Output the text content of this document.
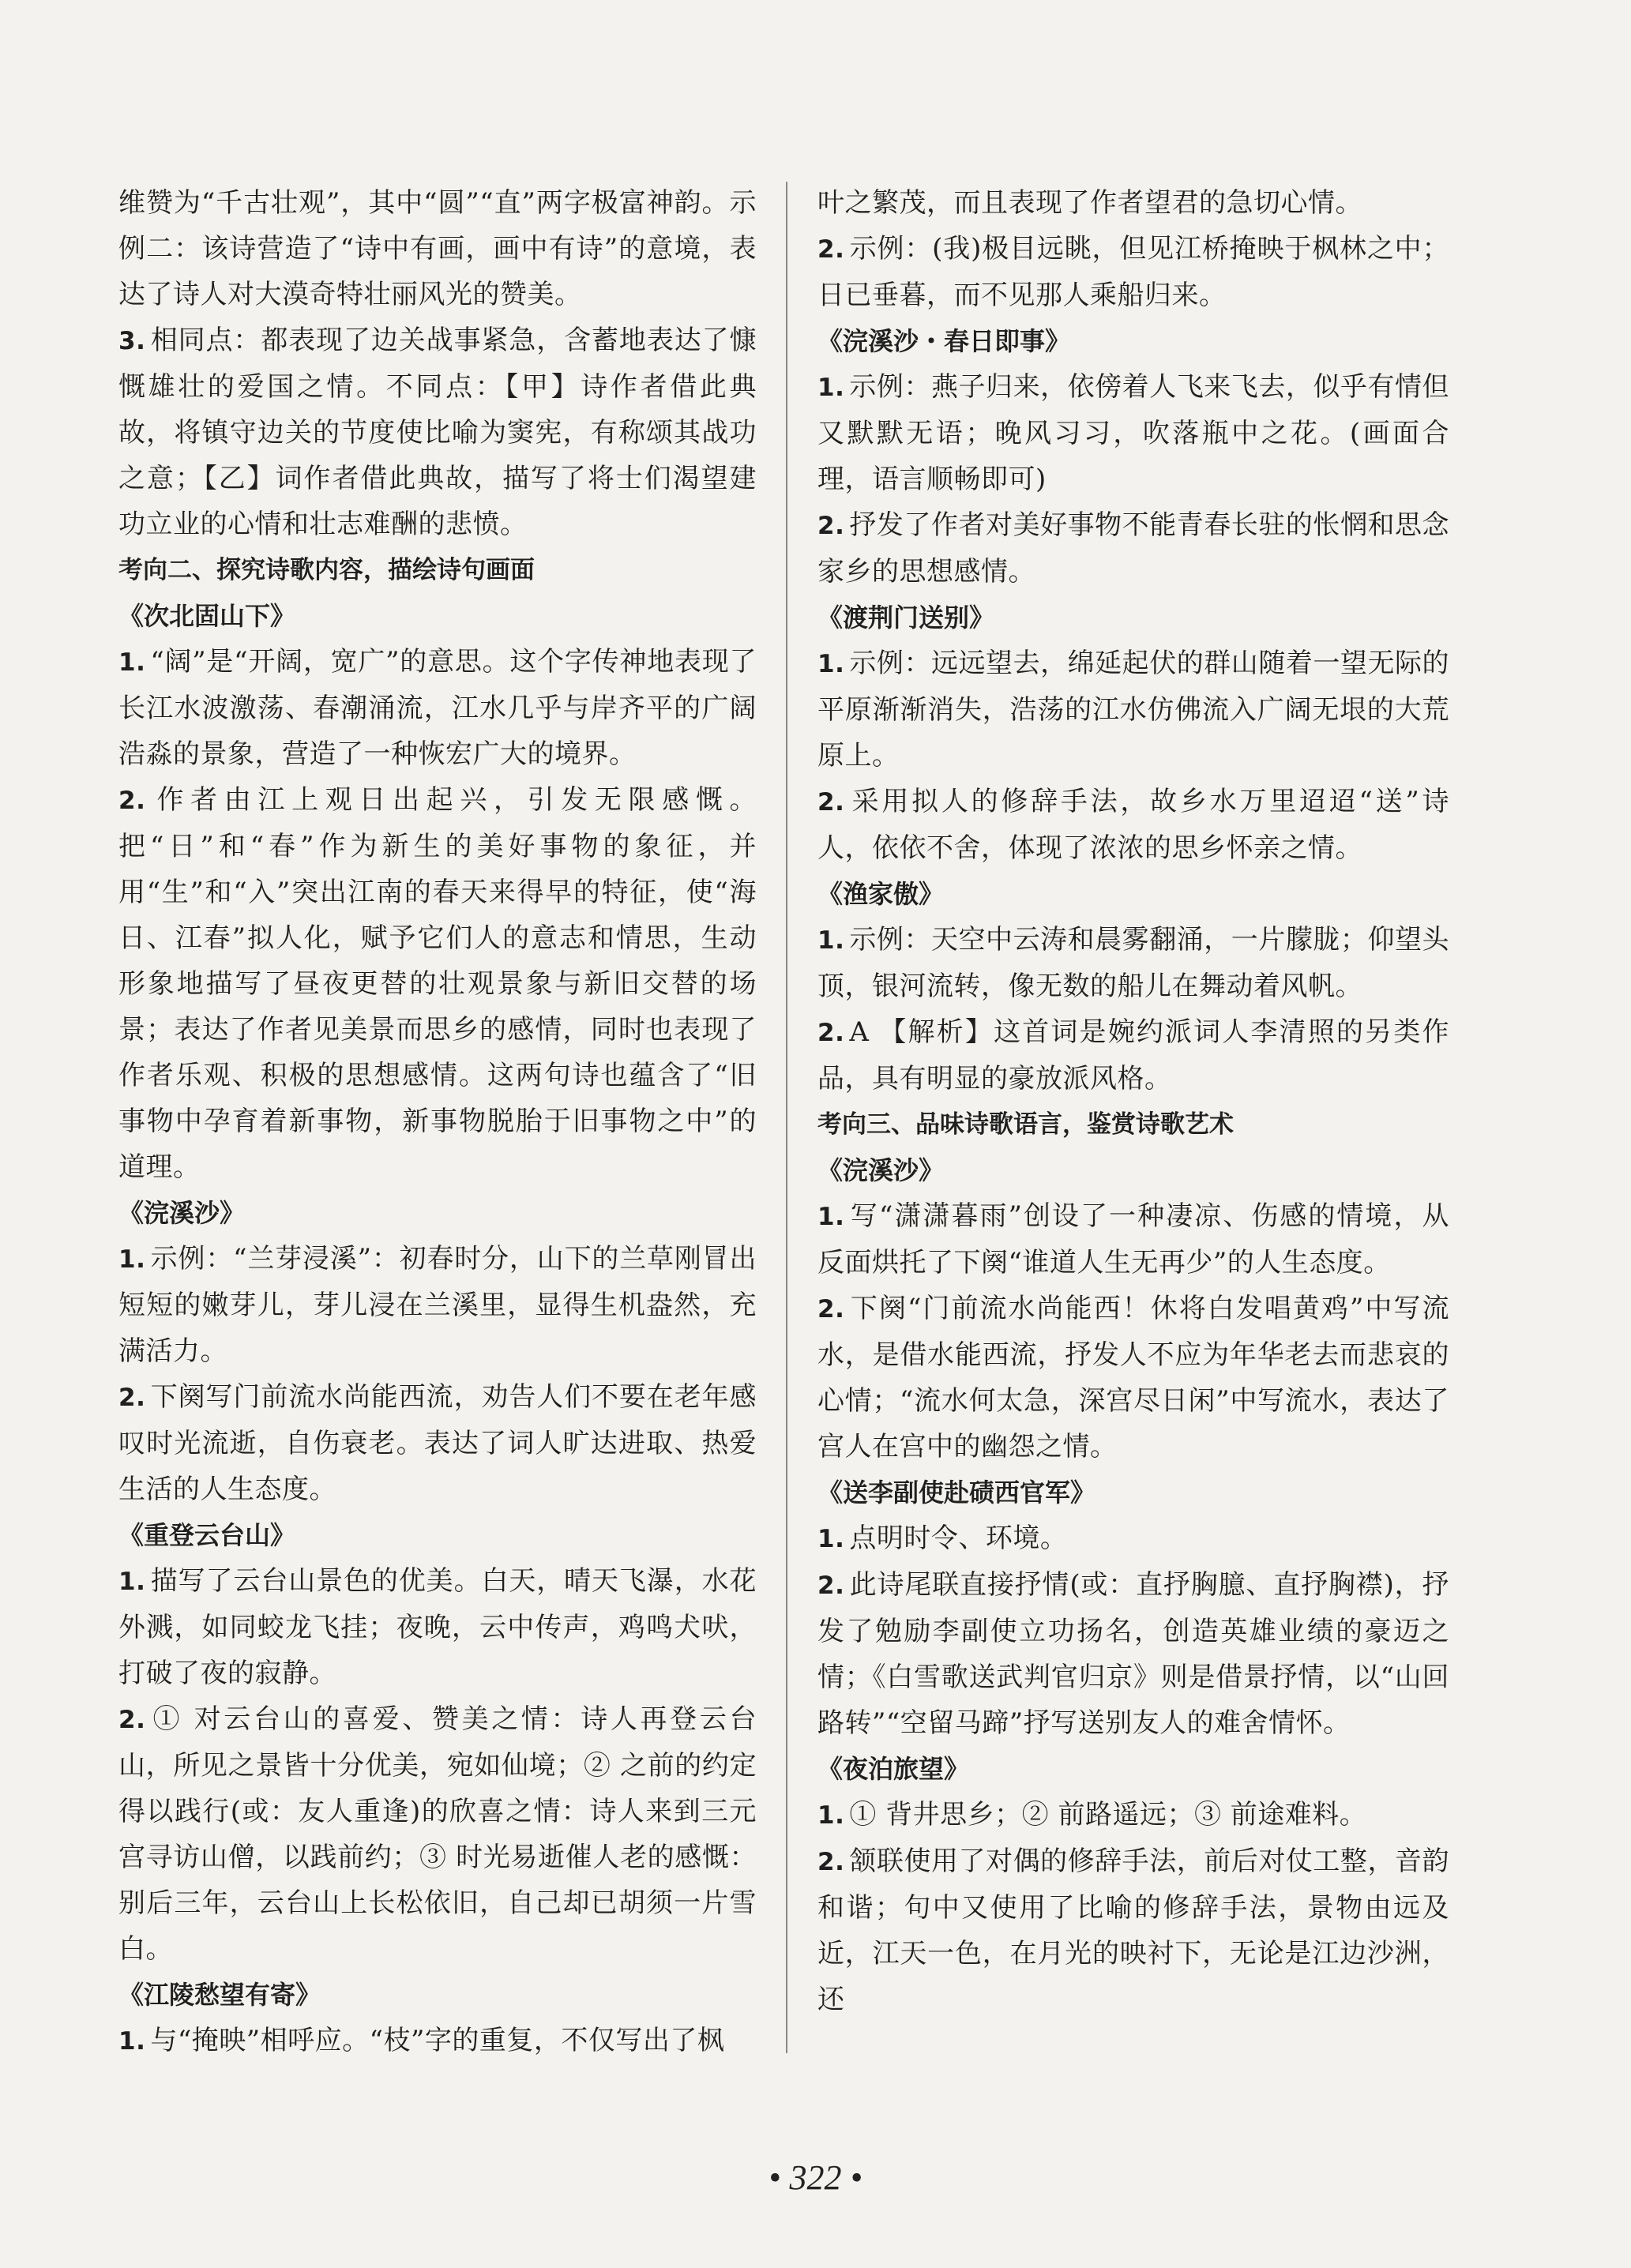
维赞为“千古壮观”，其中“圆”“直”两字极富神韵。示例二：该诗营造了“诗中有画，画中有诗”的意境，表达了诗人对大漠奇特壮丽风光的赞美。

3. 相同点：都表现了边关战事紧急，含蓄地表达了慷慨雄壮的爱国之情。不同点：【甲】诗作者借此典故，将镇守边关的节度使比喻为窦宪，有称颂其战功之意；【乙】词作者借此典故，描写了将士们渴望建功立业的心情和壮志难酬的悲愤。

考向二、探究诗歌内容，描绘诗句画面

《次北固山下》

1. “阔”是“开阔，宽广”的意思。这个字传神地表现了长江水波激荡、春潮涌流，江水几乎与岸齐平的广阔浩淼的景象，营造了一种恢宏广大的境界。

2. 作者由江上观日出起兴，引发无限感慨。把“日”和“春”作为新生的美好事物的象征，并用“生”和“入”突出江南的春天来得早的特征，使“海日、江春”拟人化，赋予它们人的意志和情思，生动形象地描写了昼夜更替的壮观景象与新旧交替的场景；表达了作者见美景而思乡的感情，同时也表现了作者乐观、积极的思想感情。这两句诗也蕴含了“旧事物中孕育着新事物，新事物脱胎于旧事物之中”的道理。

《浣溪沙》

1. 示例：“兰芽浸溪”：初春时分，山下的兰草刚冒出短短的嫩芽儿，芽儿浸在兰溪里，显得生机盎然，充满活力。

2. 下阕写门前流水尚能西流，劝告人们不要在老年感叹时光流逝，自伤衰老。表达了词人旷达进取、热爱生活的人生态度。

《重登云台山》

1. 描写了云台山景色的优美。白天，晴天飞瀑，水花外溅，如同蛟龙飞挂；夜晚，云中传声，鸡鸣犬吠，打破了夜的寂静。

2. ① 对云台山的喜爱、赞美之情：诗人再登云台山，所见之景皆十分优美，宛如仙境；② 之前的约定得以践行(或：友人重逢)的欣喜之情：诗人来到三元宫寻访山僧，以践前约；③ 时光易逝催人老的感慨：别后三年，云台山上长松依旧，自己却已胡须一片雪白。

《江陵愁望有寄》

1. 与“掩映”相呼应。“枝”字的重复，不仅写出了枫

叶之繁茂，而且表现了作者望君的急切心情。

2. 示例：(我)极目远眺，但见江桥掩映于枫林之中；日已垂暮，而不见那人乘船归来。

《浣溪沙・春日即事》

1. 示例：燕子归来，依傍着人飞来飞去，似乎有情但又默默无语；晚风习习，吹落瓶中之花。(画面合理，语言顺畅即可)

2. 抒发了作者对美好事物不能青春长驻的怅惘和思念家乡的思想感情。

《渡荆门送别》

1. 示例：远远望去，绵延起伏的群山随着一望无际的平原渐渐消失，浩荡的江水仿佛流入广阔无垠的大荒原上。

2. 采用拟人的修辞手法，故乡水万里迢迢“送”诗人，依依不舍，体现了浓浓的思乡怀亲之情。

《渔家傲》

1. 示例：天空中云涛和晨雾翻涌，一片朦胧；仰望头顶，银河流转，像无数的船儿在舞动着风帆。

2. A 【解析】这首词是婉约派词人李清照的另类作品，具有明显的豪放派风格。

考向三、品味诗歌语言，鉴赏诗歌艺术

《浣溪沙》

1. 写“潇潇暮雨”创设了一种凄凉、伤感的情境，从反面烘托了下阕“谁道人生无再少”的人生态度。

2. 下阕“门前流水尚能西！休将白发唱黄鸡”中写流水，是借水能西流，抒发人不应为年华老去而悲哀的心情；“流水何太急，深宫尽日闲”中写流水，表达了宫人在宫中的幽怨之情。

《送李副使赴碛西官军》

1. 点明时令、环境。

2. 此诗尾联直接抒情(或：直抒胸臆、直抒胸襟)，抒发了勉励李副使立功扬名，创造英雄业绩的豪迈之情；《白雪歌送武判官归京》则是借景抒情，以“山回路转”“空留马蹄”抒写送别友人的难舍情怀。

《夜泊旅望》

1. ① 背井思乡；② 前路遥远；③ 前途难料。

2. 颔联使用了对偶的修辞手法，前后对仗工整，音韵和谐；句中又使用了比喻的修辞手法，景物由远及近，江天一色，在月光的映衬下，无论是江边沙洲，还

• 322 •
